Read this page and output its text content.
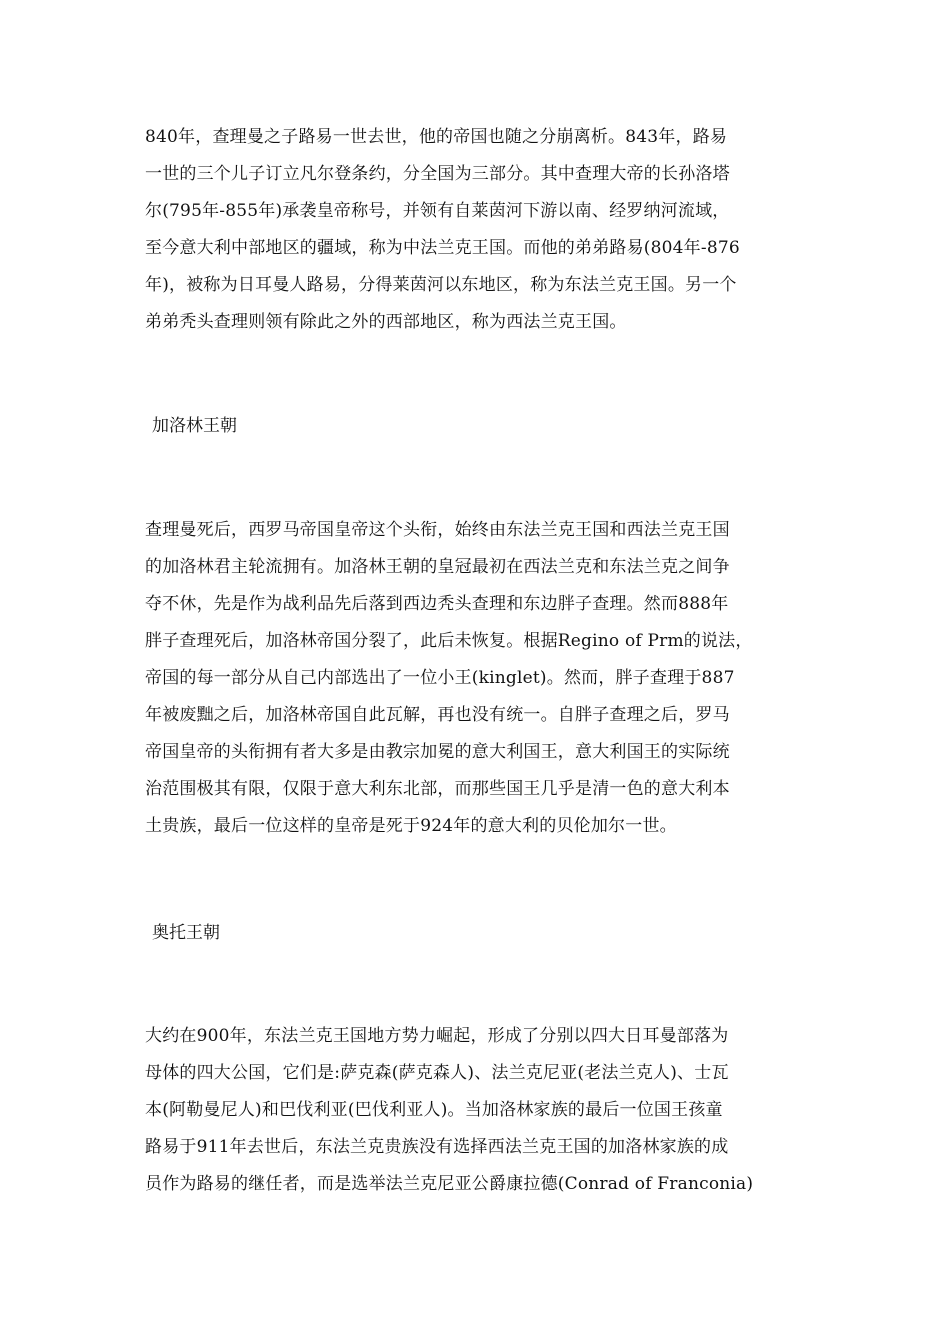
840年，查理曼之子路易一世去世，他的帝国也随之分崩离析。843年，路易
一世的三个儿子订立凡尔登条约，分全国为三部分。其中查理大帝的长孙洛塔
尔(795年-855年)承袭皇帝称号，并领有自莱茵河下游以南、经罗纳河流域，
至今意大利中部地区的疆域，称为中法兰克王国。而他的弟弟路易(804年-876
年)，被称为日耳曼人路易，分得莱茵河以东地区，称为东法兰克王国。另一个
弟弟秃头查理则领有除此之外的西部地区，称为西法兰克王国。
加洛林王朝
查理曼死后，西罗马帝国皇帝这个头衔，始终由东法兰克王国和西法兰克王国
的加洛林君主轮流拥有。加洛林王朝的皇冠最初在西法兰克和东法兰克之间争
夺不休，先是作为战利品先后落到西边秃头查理和东边胖子查理。然而888年
胖子查理死后，加洛林帝国分裂了，此后未恢复。根据Regino of Prm的说法，
帝国的每一部分从自己内部选出了一位小王(kinglet)。然而，胖子查理于887
年被废黜之后，加洛林帝国自此瓦解，再也没有统一。自胖子查理之后，罗马
帝国皇帝的头衔拥有者大多是由教宗加冕的意大利国王，意大利国王的实际统
治范围极其有限，仅限于意大利东北部，而那些国王几乎是清一色的意大利本
土贵族，最后一位这样的皇帝是死于924年的意大利的贝伦加尔一世。
奥托王朝
大约在900年，东法兰克王国地方势力崛起，形成了分别以四大日耳曼部落为
母体的四大公国，它们是:萨克森(萨克森人)、法兰克尼亚(老法兰克人)、士瓦
本(阿勒曼尼人)和巴伐利亚(巴伐利亚人)。当加洛林家族的最后一位国王孩童
路易于911年去世后，东法兰克贵族没有选择西法兰克王国的加洛林家族的成
员作为路易的继任者，而是选举法兰克尼亚公爵康拉德(Conrad of Franconia)
